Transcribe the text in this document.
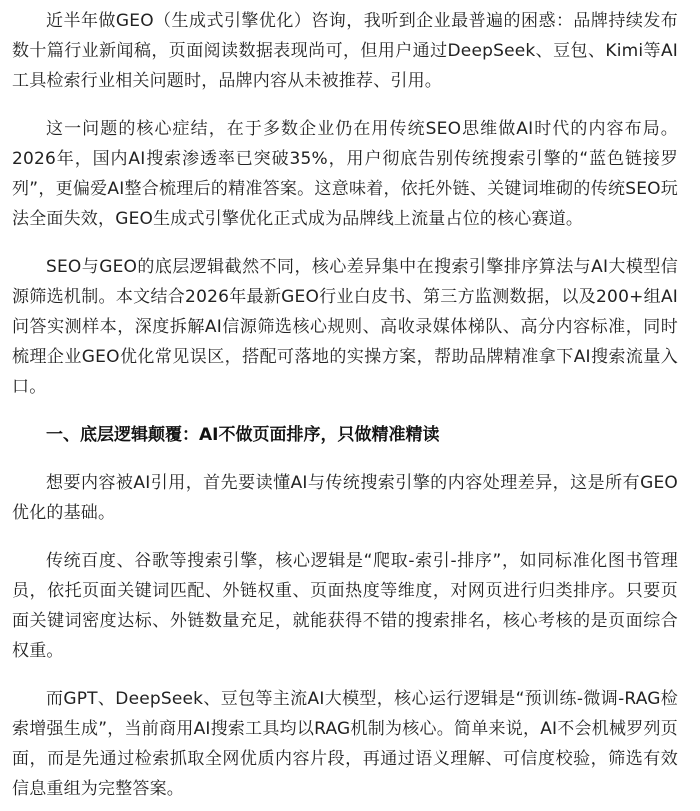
近半年做GEO（生成式引擎优化）咨询，我听到企业最普遍的困惑：品牌持续发布数十篇行业新闻稿，页面阅读数据表现尚可，但用户通过DeepSeek、豆包、Kimi等AI工具检索行业相关问题时，品牌内容从未被推荐、引用。

这一问题的核心症结，在于多数企业仍在用传统SEO思维做AI时代的内容布局。2026年，国内AI搜索渗透率已突破35%，用户彻底告别传统搜索引擎的“蓝色链接罗列”，更偏爱AI整合梳理后的精准答案。这意味着，依托外链、关键词堆砌的传统SEO玩法全面失效，GEO生成式引擎优化正式成为品牌线上流量占位的核心赛道。

SEO与GEO的底层逻辑截然不同，核心差异集中在搜索引擎排序算法与AI大模型信源筛选机制。本文结合2026年最新GEO行业白皮书、第三方监测数据，以及200+组AI问答实测样本，深度拆解AI信源筛选核心规则、高收录媒体梯队、高分内容标准，同时梳理企业GEO优化常见误区，搭配可落地的实操方案，帮助品牌精准拿下AI搜索流量入口。

一、底层逻辑颠覆：AI不做页面排序，只做精准精读

想要内容被AI引用，首先要读懂AI与传统搜索引擎的内容处理差异，这是所有GEO优化的基础。

传统百度、谷歌等搜索引擎，核心逻辑是“爬取-索引-排序”，如同标准化图书管理员，依托页面关键词匹配、外链权重、页面热度等维度，对网页进行归类排序。只要页面关键词密度达标、外链数量充足，就能获得不错的搜索排名，核心考核的是页面综合权重。

而GPT、DeepSeek、豆包等主流AI大模型，核心运行逻辑是“预训练-微调-RAG检索增强生成”，当前商用AI搜索工具均以RAG机制为核心。简单来说，AI不会机械罗列页面，而是先通过检索抓取全网优质内容片段，再通过语义理解、可信度校验，筛选有效信息重组为完整答案。
